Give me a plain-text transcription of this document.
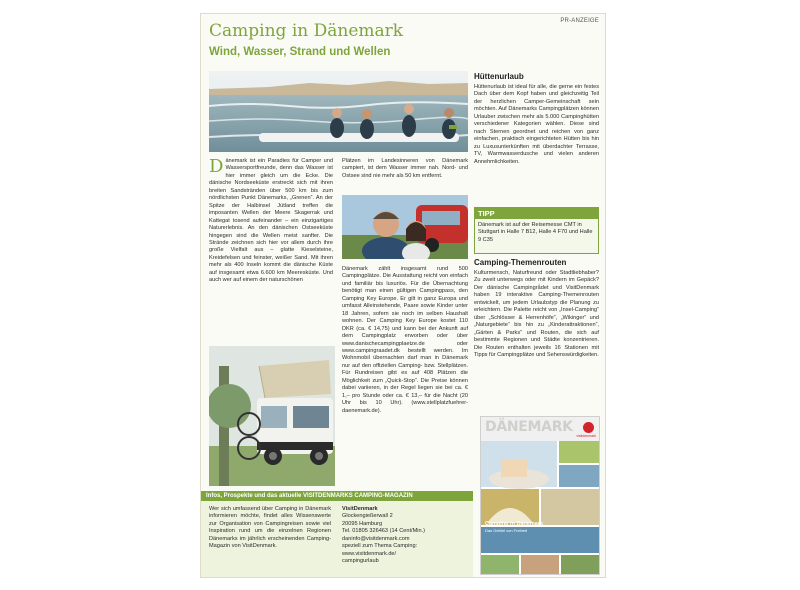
PR-ANZEIGE
Camping in Dänemark
Wind, Wasser, Strand und Wellen
Dänemark ist ein Paradies für Camper und Wassersportfreunde, denn das Wasser ist hier immer gleich um die Ecke. Die dänische Nordseeküste erstreckt sich mit ihren breiten Sandstränden über 500 km bis zum nördlichsten Punkt Dänemarks, „Grenen“. An der Spitze der Halbinsel Jütland treffen die imposanten Wellen der Meere Skagerrak und Kattegat tosend aufeinander – ein einzigartiges Naturerlebnis. An den dänischen Ostseeküste hingegen sind die Wellen meist sanfter. Die Strände zeichnen sich hier vor allem durch ihre große Vielfalt aus – glatte Kieselsteine, Kreidefelsen und feinster, weißer Sand. Mit ihren mehr als 400 Inseln kommt die dänische Küste auf insgesamt etwa 6.600 km Meeresküste. Und auch wer auf einem der naturschönen
Plätzen im Landesinneren von Dänemark campiert, ist dem Wasser immer nah. Nord- und Ostsee sind nie mehr als 50 km entfernt.
Dänemark zählt insgesamt rund 500 Campingplätze. Die Ausstattung reicht von einfach und familiär bis luxuriös. Für die Übernachtung benötigt man einen gültigen Campingpass, den Camping Key Europe. Er gilt in ganz Europa und umfasst Alleinstehende, Paare sowie Kinder unter 18 Jahren, sofern sie noch im selben Haushalt wohnen. Der Camping Key Europe kostet 110 DKR (ca. € 14,75) und kann bei der Ankunft auf dem Campingplatz erworben oder über www.danischecampingplaetze.de oder www.campingraadet.dk bestellt werden. Im Wohnmobil übernachten darf man in Dänemark nur auf den offiziellen Camping- bzw. Stellplätzen. Für Rundreisen gibt es auf 408 Plätzen die Möglichkeit zum „Quick-Stop“. Die Preise können dabei variieren, in der Regel liegen sie bei ca. € 1,– pro Stunde oder ca. € 13,– für die Nacht (20 Uhr bis 10 Uhr). (www.stellplatzfuehrer-daenemark.de).
Hüttenurlaub
Hüttenurlaub ist ideal für alle, die gerne ein festes Dach über dem Kopf haben und gleichzeitig Teil der herzlichen Camper-Gemeinschaft sein möchten. Auf Dänemarks Campingplätzen können Urlauber zwischen mehr als 5.000 Campinghütten verschiedener Kategorien wählen. Diese sind nach Sternen geordnet und reichen von ganz einfachen, praktisch eingerichteten Hütten bis hin zu Luxusunterkünften mit überdachter Terrasse, TV, Warmwasserdusche und vielen anderen Annehmlichkeiten.
TIPP
Dänemark ist auf der Reisemesse CMT in Stuttgart in Halle 7 B12, Halle 4 F70 und Halle 9 C35
Camping-Themenrouten
Kulturmensch, Naturfreund oder Stadtliebhaber? Zu zweit unterwegs oder mit Kindern im Gepäck? Der dänische Campingrådet und VisitDenmark haben 19 interaktive Camping-Themenrouten entwickelt, um jedem Urlaubstyp die Planung zu erleichtern. Die Palette reicht von „Insel-Camping“ über „Schlösser & Herrenhöfe“, „Wikinger“ und „Naturgebiete“ bis hin zu „Kinderattraktionen“, „Gärten & Parks“ und Routen, die sich auf bestimmte Regionen und Städte konzentrieren. Die Routen enthalten jeweils 16 Stationen mit Tipps für Campingplätze und Sehenswürdigkeiten.
DÄNEMARK
visitdenmark
Camping in Dänemark
Das Gefühl von Freiheit
Infos, Prospekte und das aktuelle VISITDENMARKS CAMPING-MAGAZIN
Wer sich umfassend über Camping in Dänemark informieren möchte, findet alles Wissenswerte zur Organisation von Campingreisen sowie viel Inspiration rund um die einzelnen Regionen Dänemarks im jährlich erscheinenden Camping-Magazin von VisitDenmark.
VisitDenmark
Glockengießerwall 2
20095 Hamburg
Tel. 01805 326463 (14 Cent/Min.)
daninfo@visitdenmark.com
speziell zum Thema Camping:
www.visitdenmark.de/
campingurlaub
